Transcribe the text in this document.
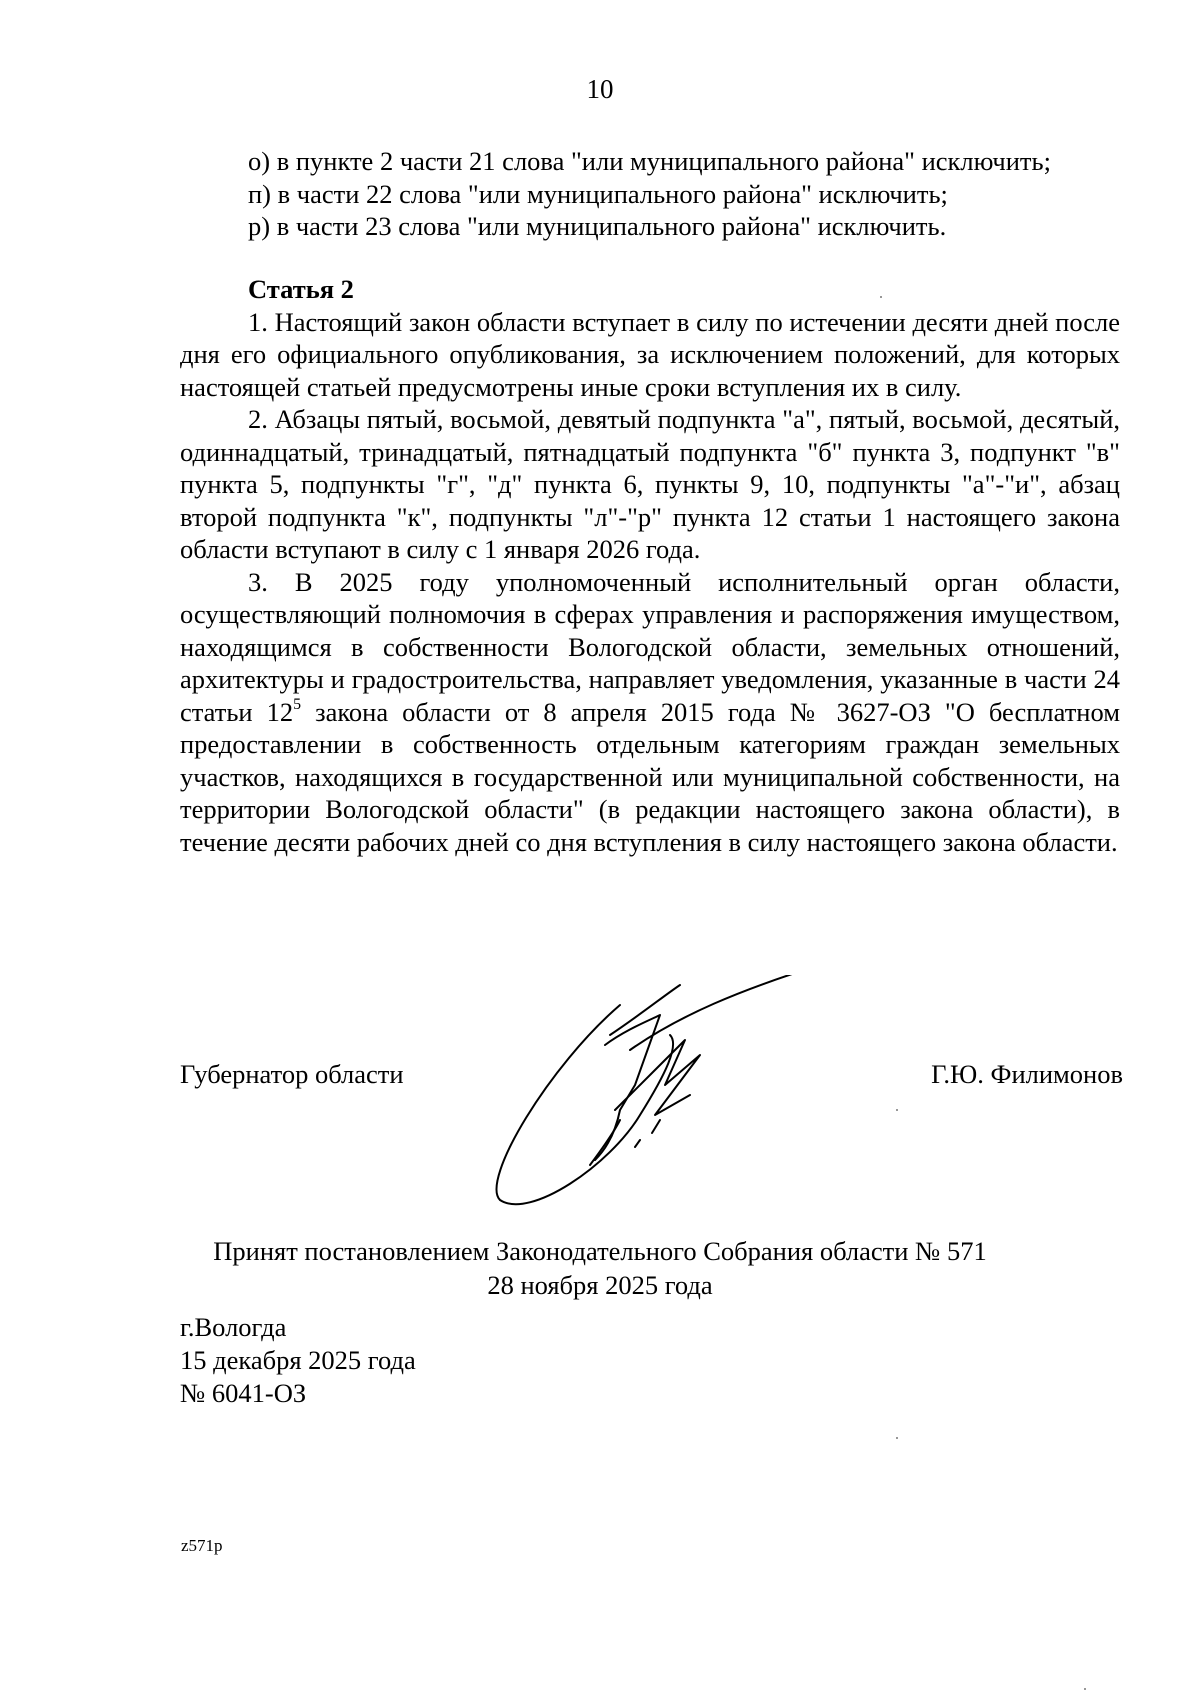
10
о) в пункте 2 части 21 слова "или муниципального района" исключить;
п) в части 22 слова "или муниципального района" исключить;
р) в части 23 слова "или муниципального района" исключить.
Статья 2

1. Настоящий закон области вступает в силу по истечении десяти дней после дня его официального опубликования, за исключением положений, для которых настоящей статьей предусмотрены иные сроки вступления их в силу.

2. Абзацы пятый, восьмой, девятый подпункта "а", пятый, восьмой, десятый, одиннадцатый, тринадцатый, пятнадцатый подпункта "б" пункта 3, подпункт "в" пункта 5, подпункты "г", "д" пункта 6, пункты 9, 10, подпункты "а"-"и", абзац второй подпункта "к", подпункты "л"-"р" пункта 12 статьи 1 настоящего закона области вступают в силу с 1 января 2026 года.

3. В 2025 году уполномоченный исполнительный орган области, осуществляющий полномочия в сферах управления и распоряжения имуществом, находящимся в собственности Вологодской области, земельных отношений, архитектуры и градостроительства, направляет уведомления, указанные в части 24 статьи $12^5$ закона области от 8 апреля 2015 года № 3627-ОЗ "О бесплатном предоставлении в собственность отдельным категориям граждан земельных участков, находящихся в государственной или муниципальной собственности, на территории Вологодской области" (в редакции настоящего закона области), в течение десяти рабочих дней со дня вступления в силу настоящего закона области.

Губернатор области	Г.Ю. Филимонов
Принят постановлением Законодательного Собрания области № 571
28 ноября 2025 года
г.Вологда
15 декабря 2025 года
№ 6041-ОЗ
z571p
